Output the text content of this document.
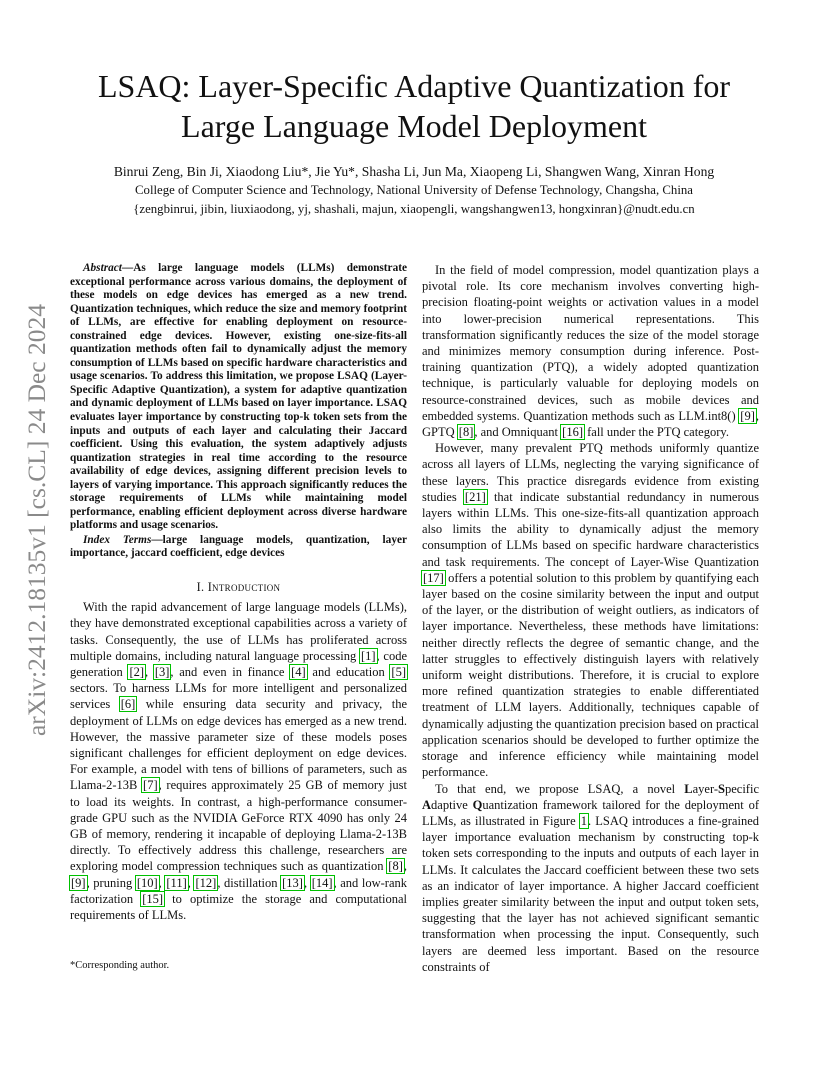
arXiv:2412.18135v1 [cs.CL] 24 Dec 2024
LSAQ: Layer-Specific Adaptive Quantization for
Large Language Model Deployment
Binrui Zeng, Bin Ji, Xiaodong Liu*, Jie Yu*, Shasha Li, Jun Ma, Xiaopeng Li, Shangwen Wang, Xinran Hong
College of Computer Science and Technology, National University of Defense Technology, Changsha, China
{zengbinrui, jibin, liuxiaodong, yj, shashali, majun, xiaopengli, wangshangwen13, hongxinran}@nudt.edu.cn

Abstract—As large language models (LLMs) demonstrate exceptional performance across various domains, the deployment of these models on edge devices has emerged as a new trend. Quantization techniques, which reduce the size and memory footprint of LLMs, are effective for enabling deployment on resource-constrained edge devices. However, existing one-size-fits-all quantization methods often fail to dynamically adjust the memory consumption of LLMs based on specific hardware characteristics and usage scenarios. To address this limitation, we propose LSAQ (Layer-Specific Adaptive Quantization), a system for adaptive quantization and dynamic deployment of LLMs based on layer importance. LSAQ evaluates layer importance by constructing top-k token sets from the inputs and outputs of each layer and calculating their Jaccard coefficient. Using this evaluation, the system adaptively adjusts quantization strategies in real time according to the resource availability of edge devices, assigning different precision levels to layers of varying importance. This approach significantly reduces the storage requirements of LLMs while maintaining model performance, enabling efficient deployment across diverse hardware platforms and usage scenarios.

Index Terms—large language models, quantization, layer importance, jaccard coefficient, edge devices

I. Introduction

With the rapid advancement of large language models (LLMs), they have demonstrated exceptional capabilities across a variety of tasks. Consequently, the use of LLMs has proliferated across multiple domains, including natural language processing [1], code generation [2], [3], and even in finance [4] and education [5] sectors. To harness LLMs for more intelligent and personalized services [6] while ensuring data security and privacy, the deployment of LLMs on edge devices has emerged as a new trend. However, the massive parameter size of these models poses significant challenges for efficient deployment on edge devices. For example, a model with tens of billions of parameters, such as Llama-2-13B [7], requires approximately 25 GB of memory just to load its weights. In contrast, a high-performance consumer-grade GPU such as the NVIDIA GeForce RTX 4090 has only 24 GB of memory, rendering it incapable of deploying Llama-2-13B directly. To effectively address this challenge, researchers are exploring model compression techniques such as quantization [8], [9], pruning [10], [11], [12], distillation [13], [14], and low-rank factorization [15] to optimize the storage and computational requirements of LLMs.

In the field of model compression, model quantization plays a pivotal role. Its core mechanism involves converting high-precision floating-point weights or activation values in a model into lower-precision numerical representations. This transformation significantly reduces the size of the model storage and minimizes memory consumption during inference. Post-training quantization (PTQ), a widely adopted quantization technique, is particularly valuable for deploying models on resource-constrained devices, such as mobile devices and embedded systems. Quantization methods such as LLM.int8() [9], GPTQ [8], and Omniquant [16] fall under the PTQ category.

However, many prevalent PTQ methods uniformly quantize across all layers of LLMs, neglecting the varying significance of these layers. This practice disregards evidence from existing studies [21] that indicate substantial redundancy in numerous layers within LLMs. This one-size-fits-all quantization approach also limits the ability to dynamically adjust the memory consumption of LLMs based on specific hardware characteristics and task requirements. The concept of Layer-Wise Quantization [17] offers a potential solution to this problem by quantifying each layer based on the cosine similarity between the input and output of the layer, or the distribution of weight outliers, as indicators of layer importance. Nevertheless, these methods have limitations: neither directly reflects the degree of semantic change, and the latter struggles to effectively distinguish layers with relatively uniform weight distributions. Therefore, it is crucial to explore more refined quantization strategies to enable differentiated treatment of LLM layers. Additionally, techniques capable of dynamically adjusting the quantization precision based on practical application scenarios should be developed to further optimize the storage and inference efficiency while maintaining model performance.

To that end, we propose LSAQ, a novel Layer-Specific Adaptive Quantization framework tailored for the deployment of LLMs, as illustrated in Figure 1. LSAQ introduces a fine-grained layer importance evaluation mechanism by constructing top-k token sets corresponding to the inputs and outputs of each layer in LLMs. It calculates the Jaccard coefficient between these two sets as an indicator of layer importance. A higher Jaccard coefficient implies greater similarity between the input and output token sets, suggesting that the layer has not achieved significant semantic transformation when processing the input. Consequently, such layers are deemed less important. Based on the resource constraints of

*Corresponding author.
